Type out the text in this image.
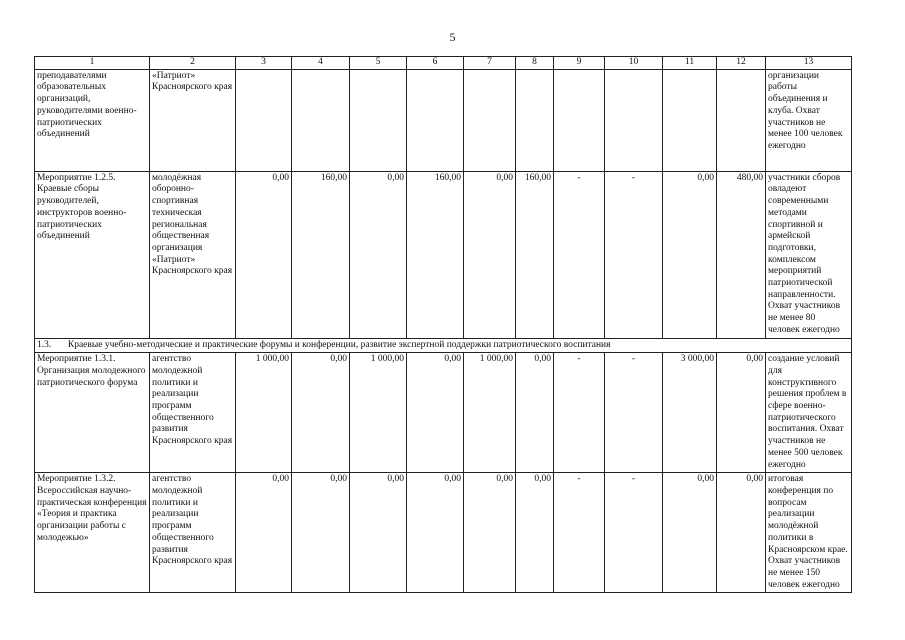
5
1	2	3	4	5	6	7	8	9	10	11	12	13
преподавателями образовательных организаций, руководителями военно-патриотических объединений	«Патриот» Красноярского края											организации работы объединения и клуба. Охват участников не менее 100 человек ежегодно
Мероприятие 1.2.5. Краевые сборы руководителей, инструкторов военно-патриотических объединений	молодёжная оборонно-спортивная техническая региональная общественная организация «Патриот» Красноярского края	0,00	160,00	0,00	160,00	0,00	160,00	-	-	0,00	480,00	участники сборов овладеют современными методами спортивной и армейской подготовки, комплексом мероприятий патриотической направленности. Охват участников не менее 80 человек ежегодно
1.3. Краевые учебно-методические и практические форумы и конференции, развитие экспертной поддержки патриотического воспитания												
Мероприятие 1.3.1. Организация молодежного патриотического форума	агентство молодежной политики и реализации программ общественного развития Красноярского края	1 000,00	0,00	1 000,00	0,00	1 000,00	0,00	-	-	3 000,00	0,00	создание условий для конструктивного решения проблем в сфере военно-патриотического воспитания. Охват участников не менее 500 человек ежегодно
Мероприятие 1.3.2. Всероссийская научно-практическая конференция «Теория и практика организации работы с молодежью»	агентство молодежной политики и реализации программ общественного развития Красноярского края	0,00	0,00	0,00	0,00	0,00	0,00	-	-	0,00	0,00	итоговая конференция по вопросам реализации молодёжной политики в Красноярском крае. Охват участников не менее 150 человек ежегодно
